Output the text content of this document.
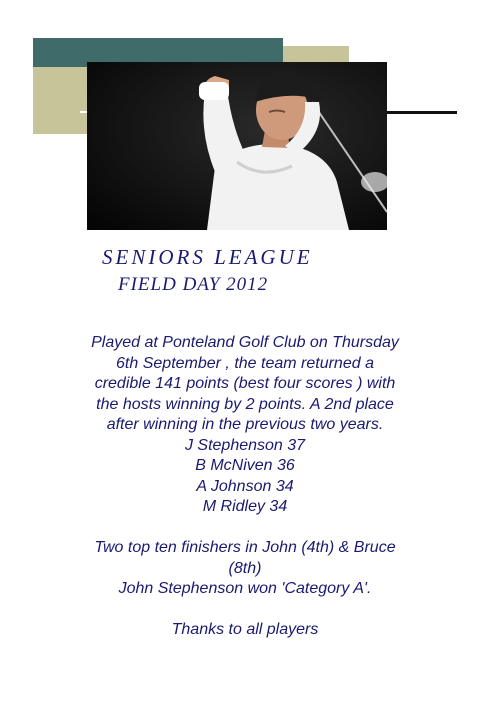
SENIORS LEAGUE
FIELD DAY 2012
Played at Ponteland Golf Club on Thursday
6th September , the team returned a
credible 141 points (best four scores ) with
the hosts winning by 2 points. A 2nd place
after winning in the previous two years.
J Stephenson 37
B McNiven 36
A Johnson 34
M Ridley 34
Two top ten finishers in John (4th) & Bruce
(8th)
John Stephenson won 'Category A'.
Thanks to all players
